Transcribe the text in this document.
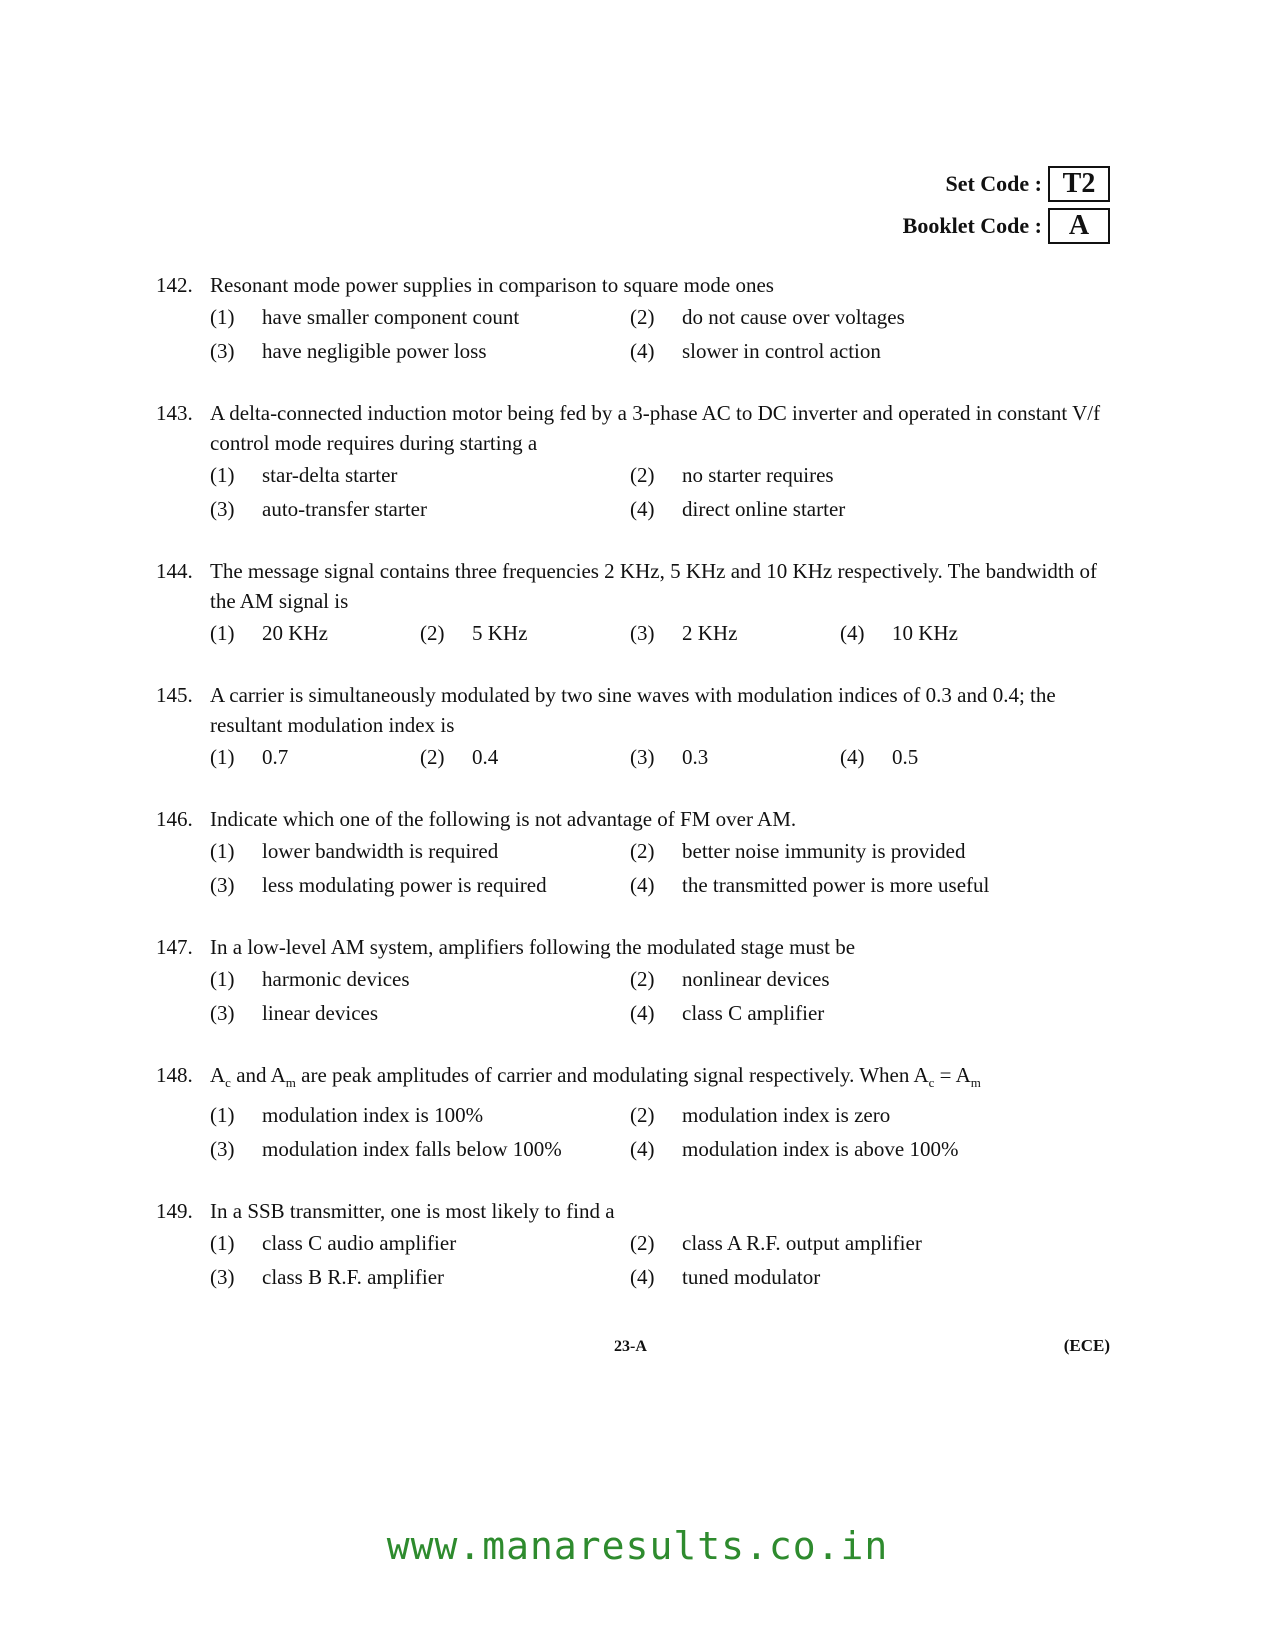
Set Code : T2
Booklet Code : A
142. Resonant mode power supplies in comparison to square mode ones
(1)	have smaller component count	(2)	do not cause over voltages
(3)	have negligible power loss	(4)	slower in control action
143. A delta-connected induction motor being fed by a 3-phase AC to DC inverter and operated in constant V/f control mode requires during starting a
(1)	star-delta starter	(2)	no starter requires
(3)	auto-transfer starter	(4)	direct online starter
144. The message signal contains three frequencies 2 KHz, 5 KHz and 10 KHz respectively. The bandwidth of the AM signal is
(1)	20 KHz	(2)	5 KHz	(3)	2 KHz	(4)	10 KHz
145. A carrier is simultaneously modulated by two sine waves with modulation indices of 0.3 and 0.4; the resultant modulation index is
(1)	0.7	(2)	0.4	(3)	0.3	(4)	0.5
146. Indicate which one of the following is not advantage of FM over AM.
(1)	lower bandwidth is required	(2)	better noise immunity is provided
(3)	less modulating power is required	(4)	the transmitted power is more useful
147. In a low-level AM system, amplifiers following the modulated stage must be
(1)	harmonic devices	(2)	nonlinear devices
(3)	linear devices	(4)	class C amplifier
148. $A_c$ and $A_m$ are peak amplitudes of carrier and modulating signal respectively. When $A_c = A_m$
(1)	modulation index is 100%	(2)	modulation index is zero
(3)	modulation index falls below 100%	(4)	modulation index is above 100%
149. In a SSB transmitter, one is most likely to find a
(1)	class C audio amplifier	(2)	class A R.F. output amplifier
(3)	class B R.F. amplifier	(4)	tuned modulator
23-A	(ECE)
www.manaresults.co.in
